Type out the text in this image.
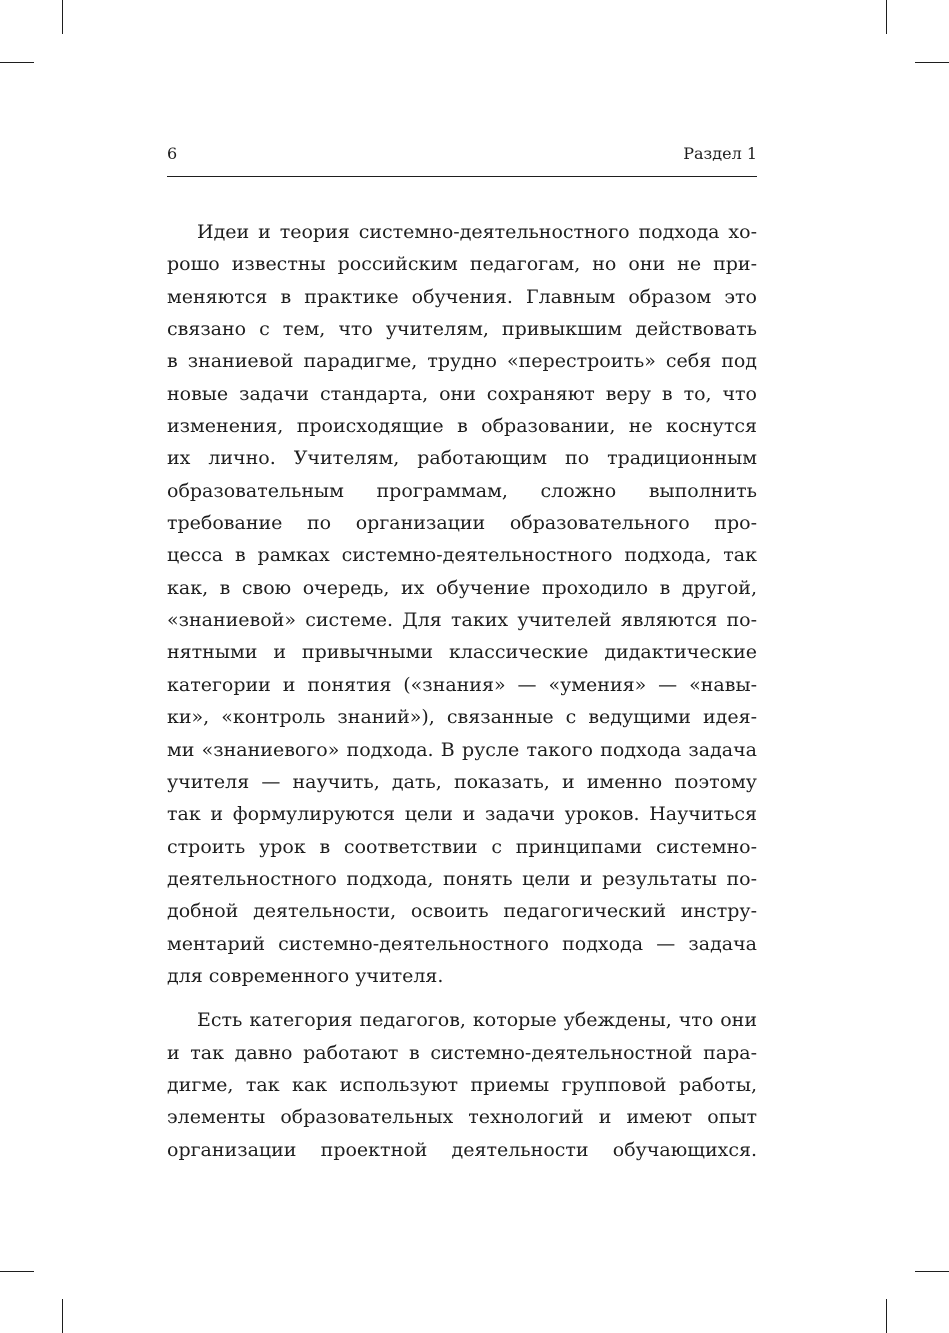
6	Раздел 1
Идеи и теория системно-деятельностного подхода хо-
рошо известны российским педагогам, но они не при-
меняются в практике обучения. Главным образом это
связано с тем, что учителям, привыкшим действовать
в знаниевой парадигме, трудно «перестроить» себя под
новые задачи стандарта, они сохраняют веру в то, что
изменения, происходящие в образовании, не коснутся
их лично. Учителям, работающим по традиционным
образовательным программам, сложно выполнить
требование по организации образовательного про-
цесса в рамках системно-деятельностного подхода, так
как, в свою очередь, их обучение проходило в другой,
«знаниевой» системе. Для таких учителей являются по-
нятными и привычными классические дидактические
категории и понятия («знания» — «умения» — «навы-
ки», «контроль знаний»), связанные с ведущими идея-
ми «знаниевого» подхода. В русле такого подхода задача
учителя — научить, дать, показать, и именно поэтому
так и формулируются цели и задачи уроков. Научиться
строить урок в соответствии с принципами системно-
деятельностного подхода, понять цели и результаты по-
добной деятельности, освоить педагогический инстру-
ментарий системно-деятельностного подхода — задача
для современного учителя.
Есть категория педагогов, которые убеждены, что они
и так давно работают в системно-деятельностной пара-
дигме, так как используют приемы групповой работы,
элементы образовательных технологий и имеют опыт
организации проектной деятельности обучающихся.
